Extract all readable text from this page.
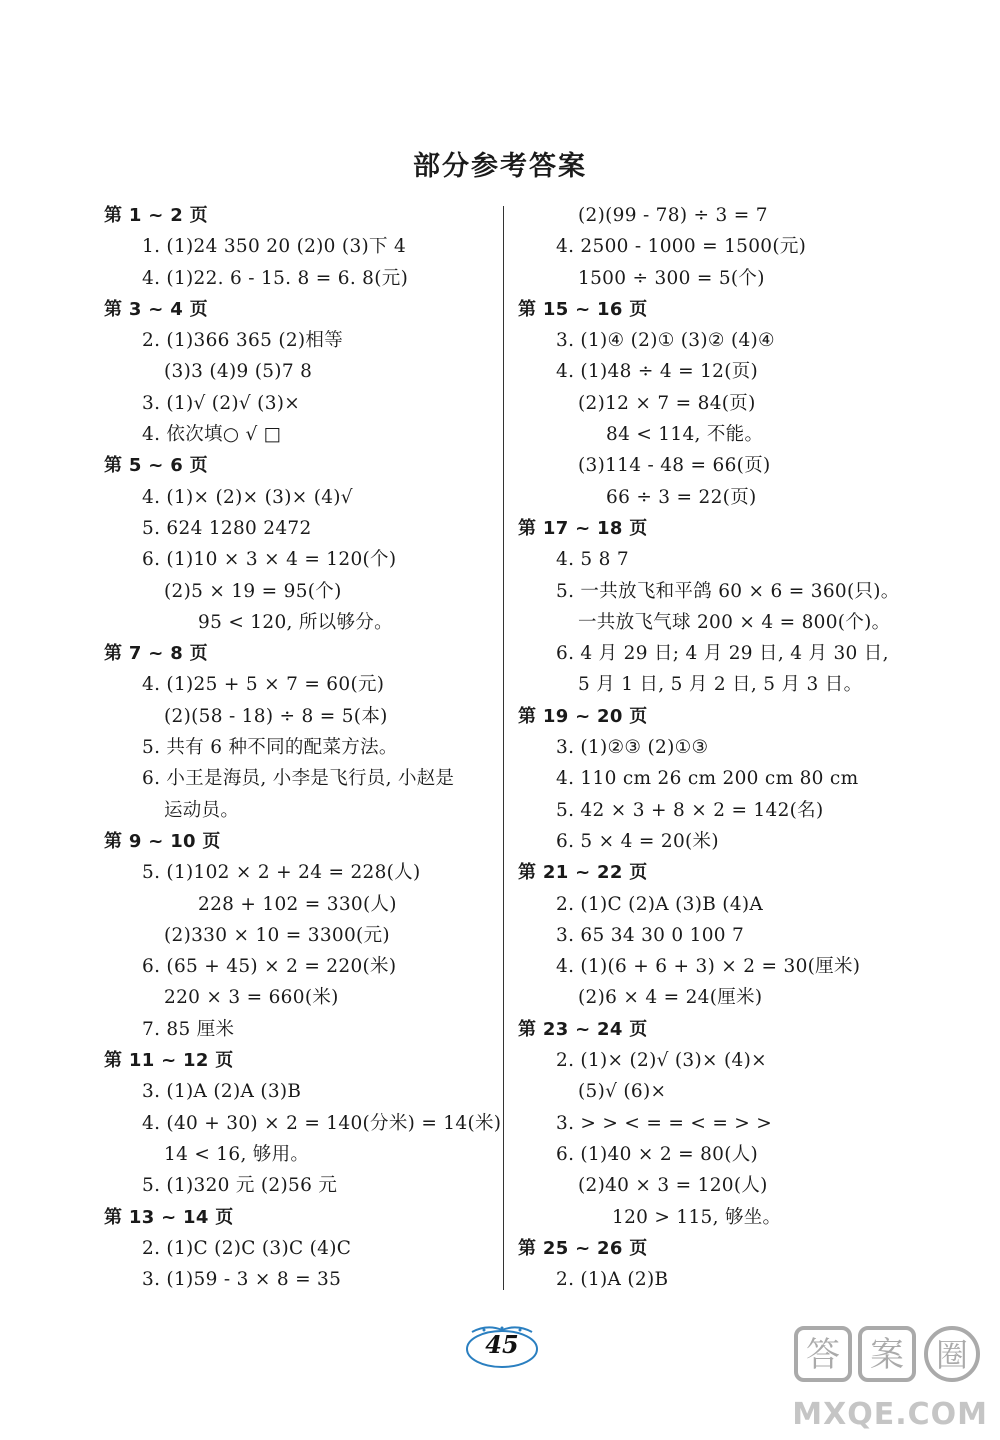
部分参考答案
第 1 ~ 2 页
1. (1)24 350 20 (2)0 (3)下 4
4. (1)22. 6 - 15. 8 = 6. 8(元)
第 3 ~ 4 页
2. (1)366 365 (2)相等
(3)3 (4)9 (5)7 8
3. (1)√ (2)√ (3)×
4. 依次填○ √ □
第 5 ~ 6 页
4. (1)× (2)× (3)× (4)√
5. 624 1280 2472
6. (1)10 × 3 × 4 = 120(个)
(2)5 × 19 = 95(个)
95 < 120, 所以够分。
第 7 ~ 8 页
4. (1)25 + 5 × 7 = 60(元)
(2)(58 - 18) ÷ 8 = 5(本)
5. 共有 6 种不同的配菜方法。
6. 小王是海员, 小李是飞行员, 小赵是
运动员。
第 9 ~ 10 页
5. (1)102 × 2 + 24 = 228(人)
228 + 102 = 330(人)
(2)330 × 10 = 3300(元)
6. (65 + 45) × 2 = 220(米)
220 × 3 = 660(米)
7. 85 厘米
第 11 ~ 12 页
3. (1)A (2)A (3)B
4. (40 + 30) × 2 = 140(分米) = 14(米)
14 < 16, 够用。
5. (1)320 元 (2)56 元
第 13 ~ 14 页
2. (1)C (2)C (3)C (4)C
3. (1)59 - 3 × 8 = 35
(2)(99 - 78) ÷ 3 = 7
4. 2500 - 1000 = 1500(元)
1500 ÷ 300 = 5(个)
第 15 ~ 16 页
3. (1)④ (2)① (3)② (4)④
4. (1)48 ÷ 4 = 12(页)
(2)12 × 7 = 84(页)
84 < 114, 不能。
(3)114 - 48 = 66(页)
66 ÷ 3 = 22(页)
第 17 ~ 18 页
4. 5 8 7
5. 一共放飞和平鸽 60 × 6 = 360(只)。
一共放飞气球 200 × 4 = 800(个)。
6. 4 月 29 日; 4 月 29 日, 4 月 30 日,
5 月 1 日, 5 月 2 日, 5 月 3 日。
第 19 ~ 20 页
3. (1)②③ (2)①③
4. 110 cm 26 cm 200 cm 80 cm
5. 42 × 3 + 8 × 2 = 142(名)
6. 5 × 4 = 20(米)
第 21 ~ 22 页
2. (1)C (2)A (3)B (4)A
3. 65 34 30 0 100 7
4. (1)(6 + 6 + 3) × 2 = 30(厘米)
(2)6 × 4 = 24(厘米)
第 23 ~ 24 页
2. (1)× (2)√ (3)× (4)×
(5)√ (6)×
3. > > < = = < = > >
6. (1)40 × 2 = 80(人)
(2)40 × 3 = 120(人)
120 > 115, 够坐。
第 25 ~ 26 页
2. (1)A (2)B
45	答 案 圈
MXQE.COM
